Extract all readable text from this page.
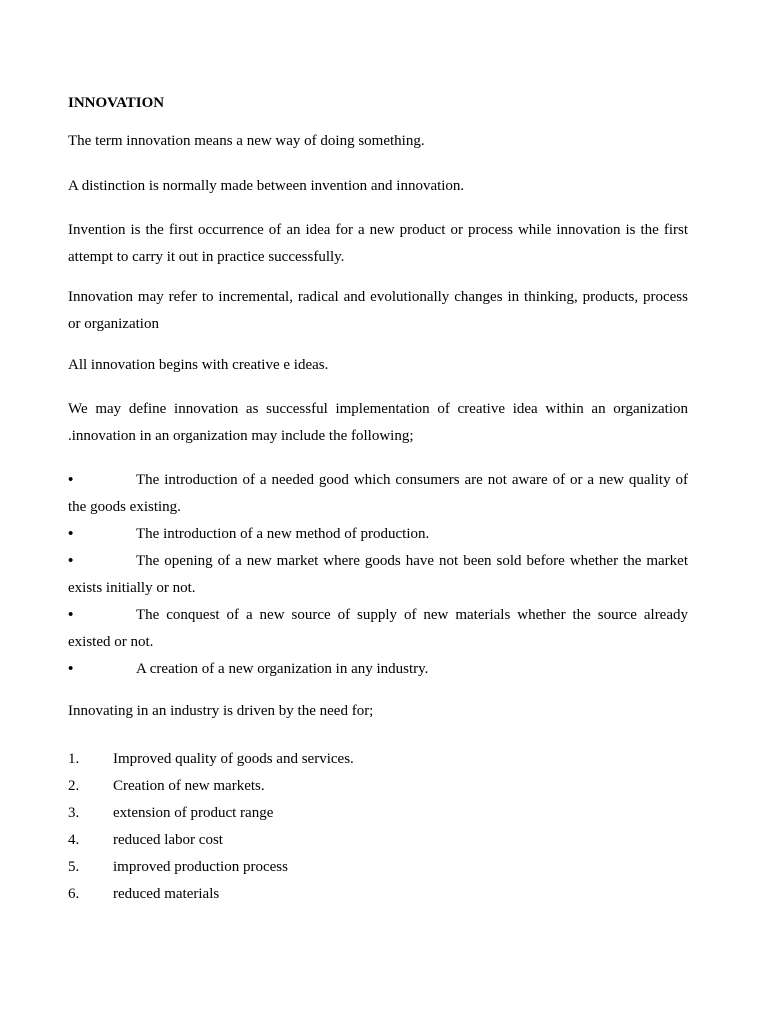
INNOVATION

The term innovation means a new way of doing something.

A distinction is normally made between invention and innovation.

Invention is the first occurrence of an idea for a new product or process while innovation is the first attempt to carry it out in practice successfully.

Innovation may refer to incremental, radical and evolutionally changes in thinking, products, process or organization

All innovation begins with creative e ideas.

We may define innovation as successful implementation of creative idea within an organization .innovation in an organization may include the following;

•	The introduction of a needed good which consumers are not aware of or a new quality of the goods existing.
•	The introduction of a new method of production.
•	The opening of a new market where goods have not been sold before whether the market exists initially or not.
•	The conquest of a new source of supply of new materials whether the source already existed or not.
•	A creation of a new organization in any industry.

Innovating in an industry is driven by the need for;

1. Improved quality of goods and services.
2. Creation of new markets.
3. extension of product range
4. reduced labor cost
5. improved production process
6. reduced materials
